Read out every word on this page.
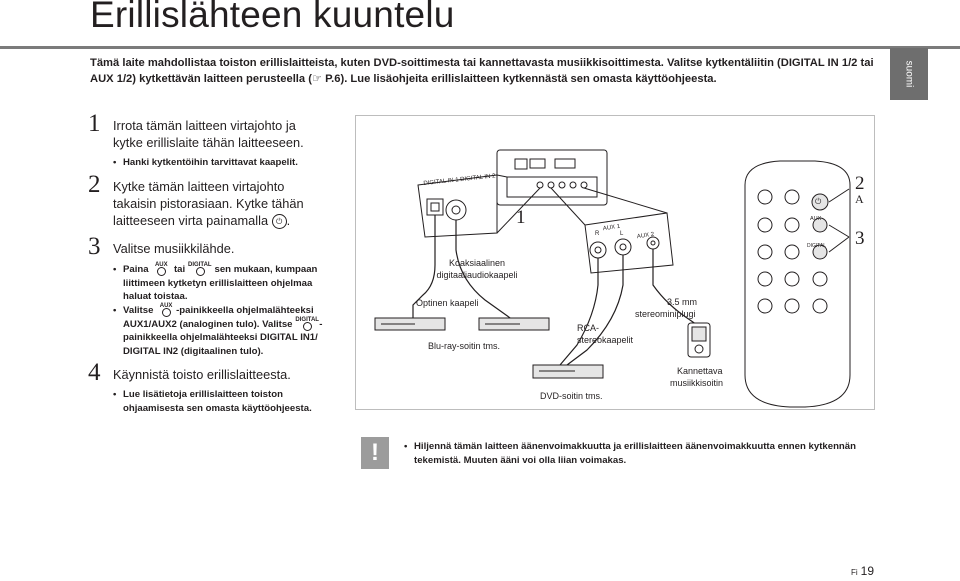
Erillislähteen kuuntelu
suomi
Tämä laite mahdollistaa toiston erillislaitteista, kuten DVD-soittimesta tai kannettavasta musiikkisoittimesta. Valitse kytkentäliitin (DIGITAL IN 1/2 tai
AUX 1/2) kytkettävän laitteen perusteella (☞ P.6). Lue lisäohjeita erillislaitteen kytkennästä sen omasta käyttöohjeesta.
1 Irrota tämän laitteen virtajohto ja
kytke erillislaite tähän laitteeseen.
• Hanki kytkentöihin tarvittavat kaapelit.
2 Kytke tämän laitteen virtajohto
takaisin pistorasiaan. Kytke tähän
laitteeseen virta painamalla ⏻ .
3 Valitse musiikkilähde.
• Paina	AUX tai DIGITAL sen mukaan, kumpaan
liittimeen kytketyn erillislaitteen ohjelmaa
haluat toistaa.
• Valitse	AUX -painikkeella ohjelmalähteeksi
AUX1/AUX2 (analoginen tulo). Valitse DIGITAL -
painikkeella ohjelmalähteeksi DIGITAL IN1/
DIGITAL IN2 (digitaalinen tulo).
4 Käynnistä toisto erillislaitteesta.
• Lue lisätietoja erillislaitteen toiston
ohjaamisesta sen omasta käyttöohjeesta.
DIGITAL IN 1 DIGITAL IN 2
Koaksiaalinen
digitaaliaudiokaapeli
Optinen kaapeli
Blu-ray-soitin tms.
RCA-
stereokaapelit
DVD-soitin tms.
3.5 mm
stereominiplugi
Kannettava
musiikkisoitin
AUX 1
AUX 2
R	L
AUX
DIGITAL
⏻
1
2
A
3
!	• Hiljennä tämän laitteen äänenvoimakkuutta ja erillislaitteen äänenvoimakkuutta ennen kytkennän
tekemistä. Muuten ääni voi olla liian voimakas.
Fi 19
